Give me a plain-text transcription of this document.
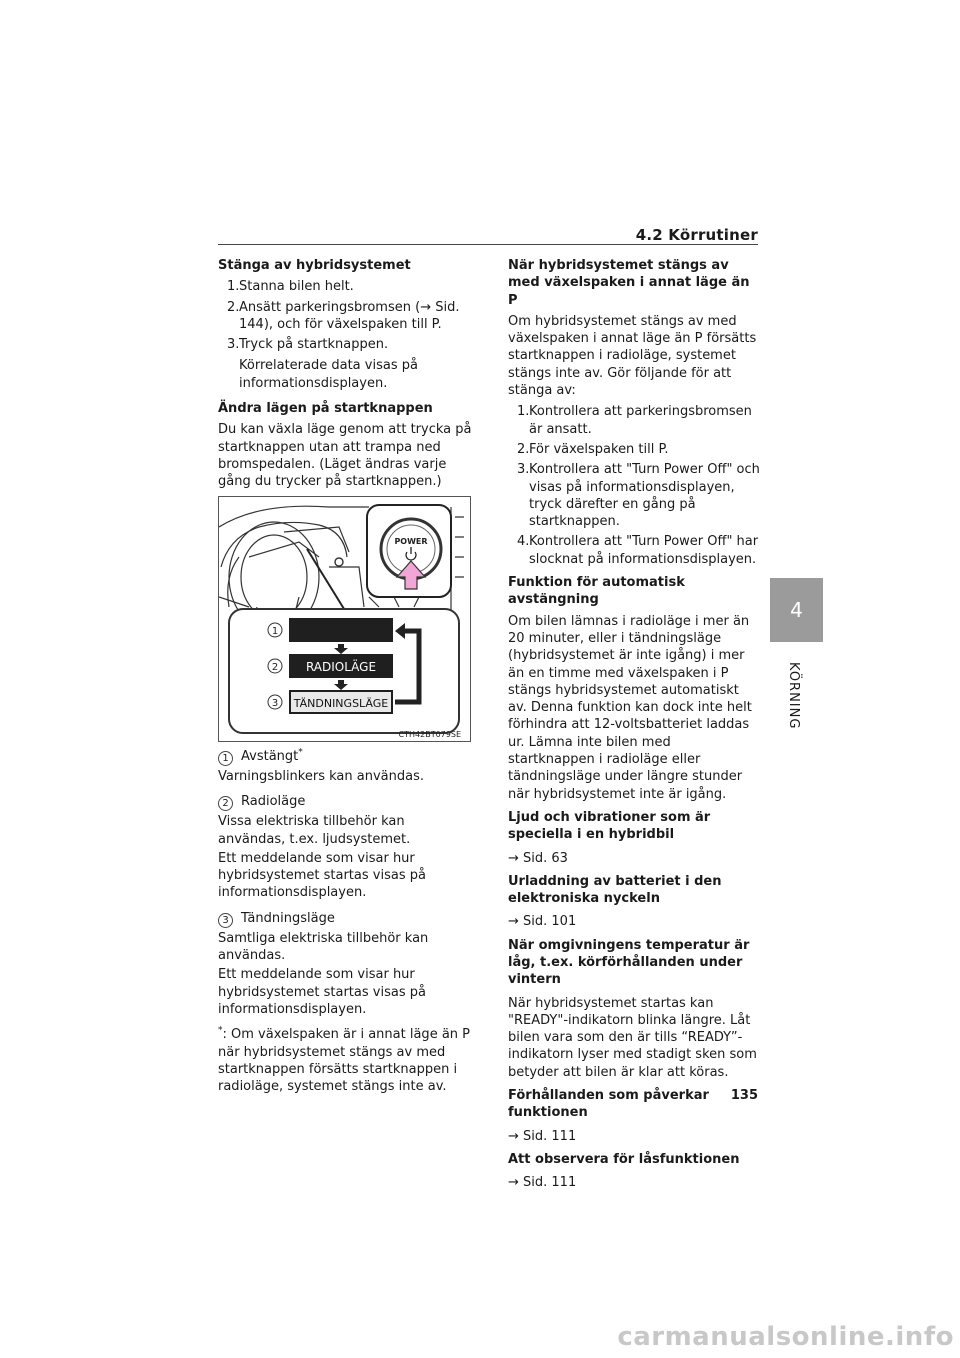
4.2 Körrutiner
4
KÖRNING
Stänga av hybridsystemet
1.Stanna bilen helt.
2.Ansätt parkeringsbromsen (→ Sid. 144), och för växelspaken till P.
3.Tryck på startknappen.
Körrelaterade data visas på informationsdisplayen.
Ändra lägen på startknappen
Du kan växla läge genom att trycka på startknappen utan att trampa ned bromspedalen. (Läget ändras varje gång du trycker på startknappen.)
POWER
1
2 RADIOLÄGE
3 TÄNDNINGSLÄGE
CTH42BT079SE
1 Avstängt*
Varningsblinkers kan användas.
2 Radioläge
Vissa elektriska tillbehör kan användas, t.ex. ljudsystemet.
Ett meddelande som visar hur hybridsystemet startas visas på informationsdisplayen.
3 Tändningsläge
Samtliga elektriska tillbehör kan användas.
Ett meddelande som visar hur hybridsystemet startas visas på informationsdisplayen.
*: Om växelspaken är i annat läge än P när hybridsystemet stängs av med startknappen försätts startknappen i radioläge, systemet stängs inte av.
När hybridsystemet stängs av med växelspaken i annat läge än P
Om hybridsystemet stängs av med växelspaken i annat läge än P försätts startknappen i radioläge, systemet stängs inte av. Gör följande för att stänga av:
1.Kontrollera att parkeringsbromsen är ansatt.
2.För växelspaken till P.
3.Kontrollera att "Turn Power Off" och visas på informationsdisplayen, tryck därefter en gång på startknappen.
4.Kontrollera att "Turn Power Off" har slocknat på informationsdisplayen.
Funktion för automatisk avstängning
Om bilen lämnas i radioläge i mer än 20 minuter, eller i tändningsläge (hybridsystemet är inte igång) i mer än en timme med växelspaken i P stängs hybridsystemet automatiskt av. Denna funktion kan dock inte helt förhindra att 12-voltsbatteriet laddas ur. Lämna inte bilen med startknappen i radioläge eller tändningsläge under längre stunder när hybridsystemet inte är igång.
Ljud och vibrationer som är speciella i en hybridbil
→ Sid. 63
Urladdning av batteriet i den elektroniska nyckeln
→ Sid. 101
När omgivningens temperatur är låg, t.ex. körförhållanden under vintern
När hybridsystemet startas kan "READY"-indikatorn blinka längre. Låt bilen vara som den är tills “READY”-indikatorn lyser med stadigt sken som betyder att bilen är klar att köras.
Förhållanden som påverkar funktionen
→ Sid. 111
Att observera för låsfunktionen
→ Sid. 111
135
carmanualsonline.info
